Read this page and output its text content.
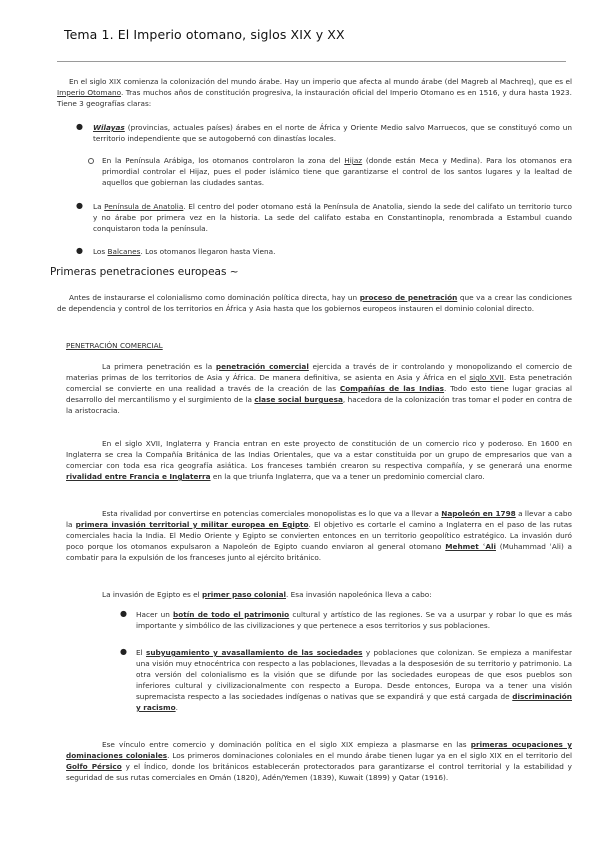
Tema 1. El Imperio otomano, siglos XIX y XX
En el siglo XIX comienza la colonización del mundo árabe. Hay un imperio que afecta al mundo árabe (del Magreb al Machreq), que es el Imperio Otomano. Tras muchos años de constitución progresiva, la instauración oficial del Imperio Otomano es en 1516, y dura hasta 1923. Tiene 3 geografías claras:
● Wilayas (provincias, actuales países) árabes en el norte de África y Oriente Medio salvo Marruecos, que se constituyó como un territorio independiente que se autogobernó con dinastías locales.
En la Península Arábiga, los otomanos controlaron la zona del Hijaz (donde están Meca y Medina). Para los otomanos era primordial controlar el Hijaz, pues el poder islámico tiene que garantizarse el control de los santos lugares y la lealtad de aquellos que gobiernan las ciudades santas.
● La Península de Anatolia. El centro del poder otomano está la Península de Anatolia, siendo la sede del califato un territorio turco y no árabe por primera vez en la historia. La sede del califato estaba en Constantinopla, renombrada a Estambul cuando conquistaron toda la península.
● Los Balcanes. Los otomanos llegaron hasta Viena.
Primeras penetraciones europeas ~
Antes de instaurarse el colonialismo como dominación política directa, hay un proceso de penetración que va a crear las condiciones de dependencia y control de los territorios en África y Asia hasta que los gobiernos europeos instauren el dominio colonial directo.
PENETRACIÓN COMERCIAL
La primera penetración es la penetración comercial ejercida a través de ir controlando y monopolizando el comercio de materias primas de los territorios de Asia y África. De manera definitiva, se asienta en Asia y África en el siglo XVII. Esta penetración comercial se convierte en una realidad a través de la creación de las Compañías de las Indias. Todo esto tiene lugar gracias al desarrollo del mercantilismo y el surgimiento de la clase social burguesa, hacedora de la colonización tras tomar el poder en contra de la aristocracia.
En el siglo XVII, Inglaterra y Francia entran en este proyecto de constitución de un comercio rico y poderoso. En 1600 en Inglaterra se crea la Compañía Británica de las Indias Orientales, que va a estar constituida por un grupo de empresarios que van a comerciar con toda esa rica geografía asiática. Los franceses también crearon su respectiva compañía, y se generará una enorme rivalidad entre Francia e Inglaterra en la que triunfa Inglaterra, que va a tener un predominio comercial claro.
Esta rivalidad por convertirse en potencias comerciales monopolistas es lo que va a llevar a Napoleón en 1798 a llevar a cabo la primera invasión territorial y militar europea en Egipto. El objetivo es cortarle el camino a Inglaterra en el paso de las rutas comerciales hacia la India. El Medio Oriente y Egipto se convierten entonces en un territorio geopolítico estratégico. La invasión duró poco porque los otomanos expulsaron a Napoleón de Egipto cuando enviaron al general otomano Mehmet ʿAli (Muhammad ʿAli) a combatir para la expulsión de los franceses junto al ejército británico.
La invasión de Egipto es el primer paso colonial. Esa invasión napoleónica lleva a cabo:
● Hacer un botín de todo el patrimonio cultural y artístico de las regiones. Se va a usurpar y robar lo que es más importante y simbólico de las civilizaciones y que pertenece a esos territorios y sus poblaciones.
● El subyugamiento y avasallamiento de las sociedades y poblaciones que colonizan. Se empieza a manifestar una visión muy etnocéntrica con respecto a las poblaciones, llevadas a la desposesión de su territorio y patrimonio. La otra versión del colonialismo es la visión que se difunde por las sociedades europeas de que esos pueblos son inferiores cultural y civilizacionalmente con respecto a Europa. Desde entonces, Europa va a tener una visión supremacista respecto a las sociedades indígenas o nativas que se expandirá y que está cargada de discriminación y racismo.
Ese vínculo entre comercio y dominación política en el siglo XIX empieza a plasmarse en las primeras ocupaciones y dominaciones coloniales. Los primeros dominaciones coloniales en el mundo árabe tienen lugar ya en el siglo XIX en el territorio del Golfo Pérsico y el Índico, donde los británicos establecerán protectorados para garantizarse el control territorial y la estabilidad y seguridad de sus rutas comerciales en Omán (1820), Adén/Yemen (1839), Kuwait (1899) y Qatar (1916).
